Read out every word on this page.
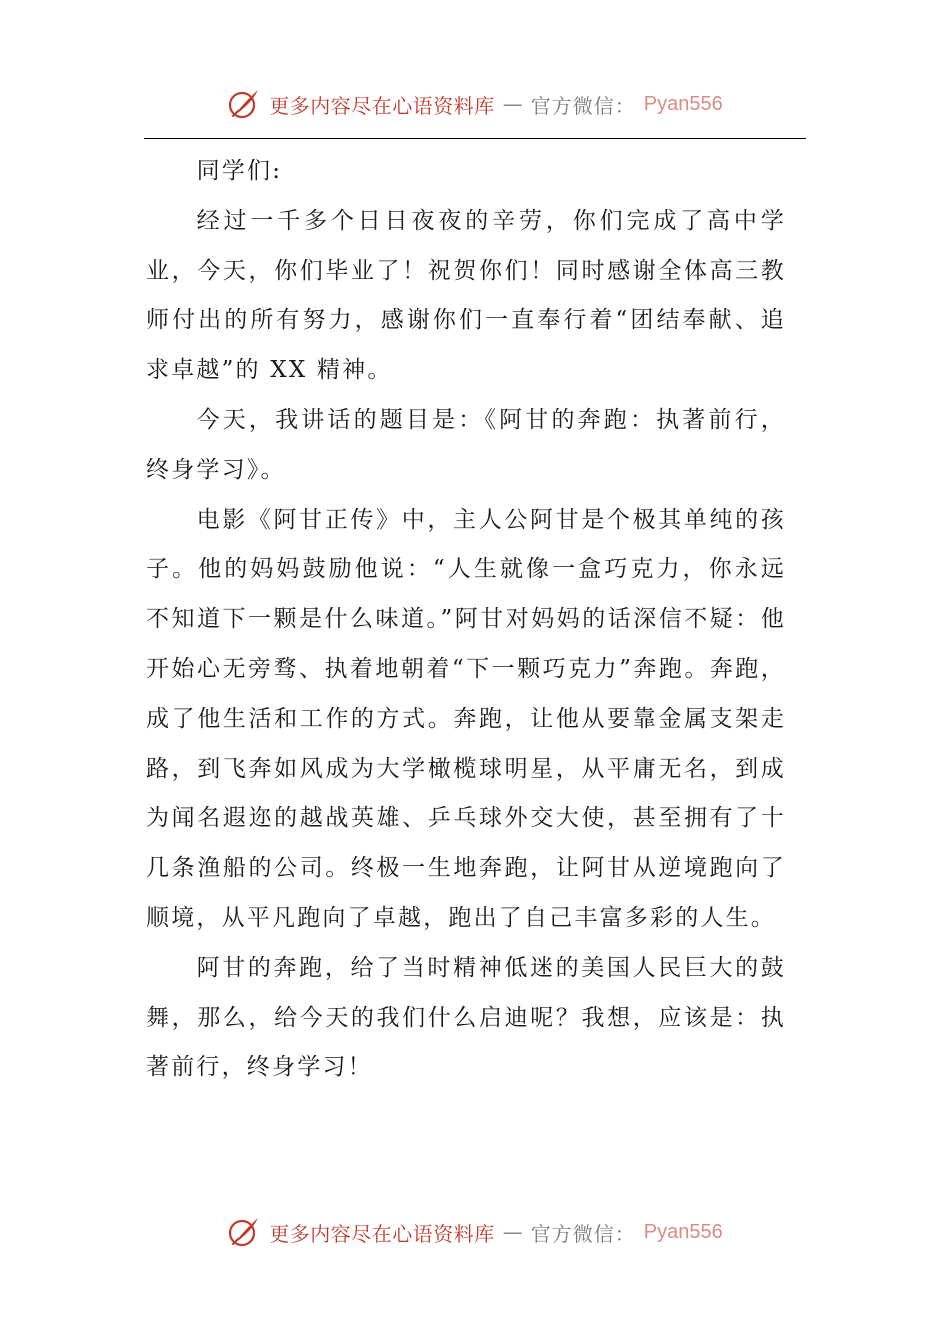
更多内容尽在心语资料库 — 官方微信： Pyan556

同学们:

经过一千多个日日夜夜的辛劳，你们完成了高中学业，今天，你们毕业了！祝贺你们！同时感谢全体高三教师付出的所有努力，感谢你们一直奉行着“团结奉献、追求卓越”的 XX 精神。

今天，我讲话的题目是：《阿甘的奔跑：执著前行，终身学习》。

电影《阿甘正传》中，主人公阿甘是个极其单纯的孩子。他的妈妈鼓励他说：“人生就像一盒巧克力，你永远不知道下一颗是什么味道。”阿甘对妈妈的话深信不疑：他开始心无旁骛、执着地朝着“下一颗巧克力”奔跑。奔跑，成了他生活和工作的方式。奔跑，让他从要靠金属支架走路，到飞奔如风成为大学橄榄球明星，从平庸无名，到成为闻名遐迩的越战英雄、乒乓球外交大使，甚至拥有了十几条渔船的公司。终极一生地奔跑，让阿甘从逆境跑向了顺境，从平凡跑向了卓越，跑出了自己丰富多彩的人生。

阿甘的奔跑，给了当时精神低迷的美国人民巨大的鼓舞，那么，给今天的我们什么启迪呢？我想，应该是：执著前行，终身学习！

更多内容尽在心语资料库 — 官方微信： Pyan556
